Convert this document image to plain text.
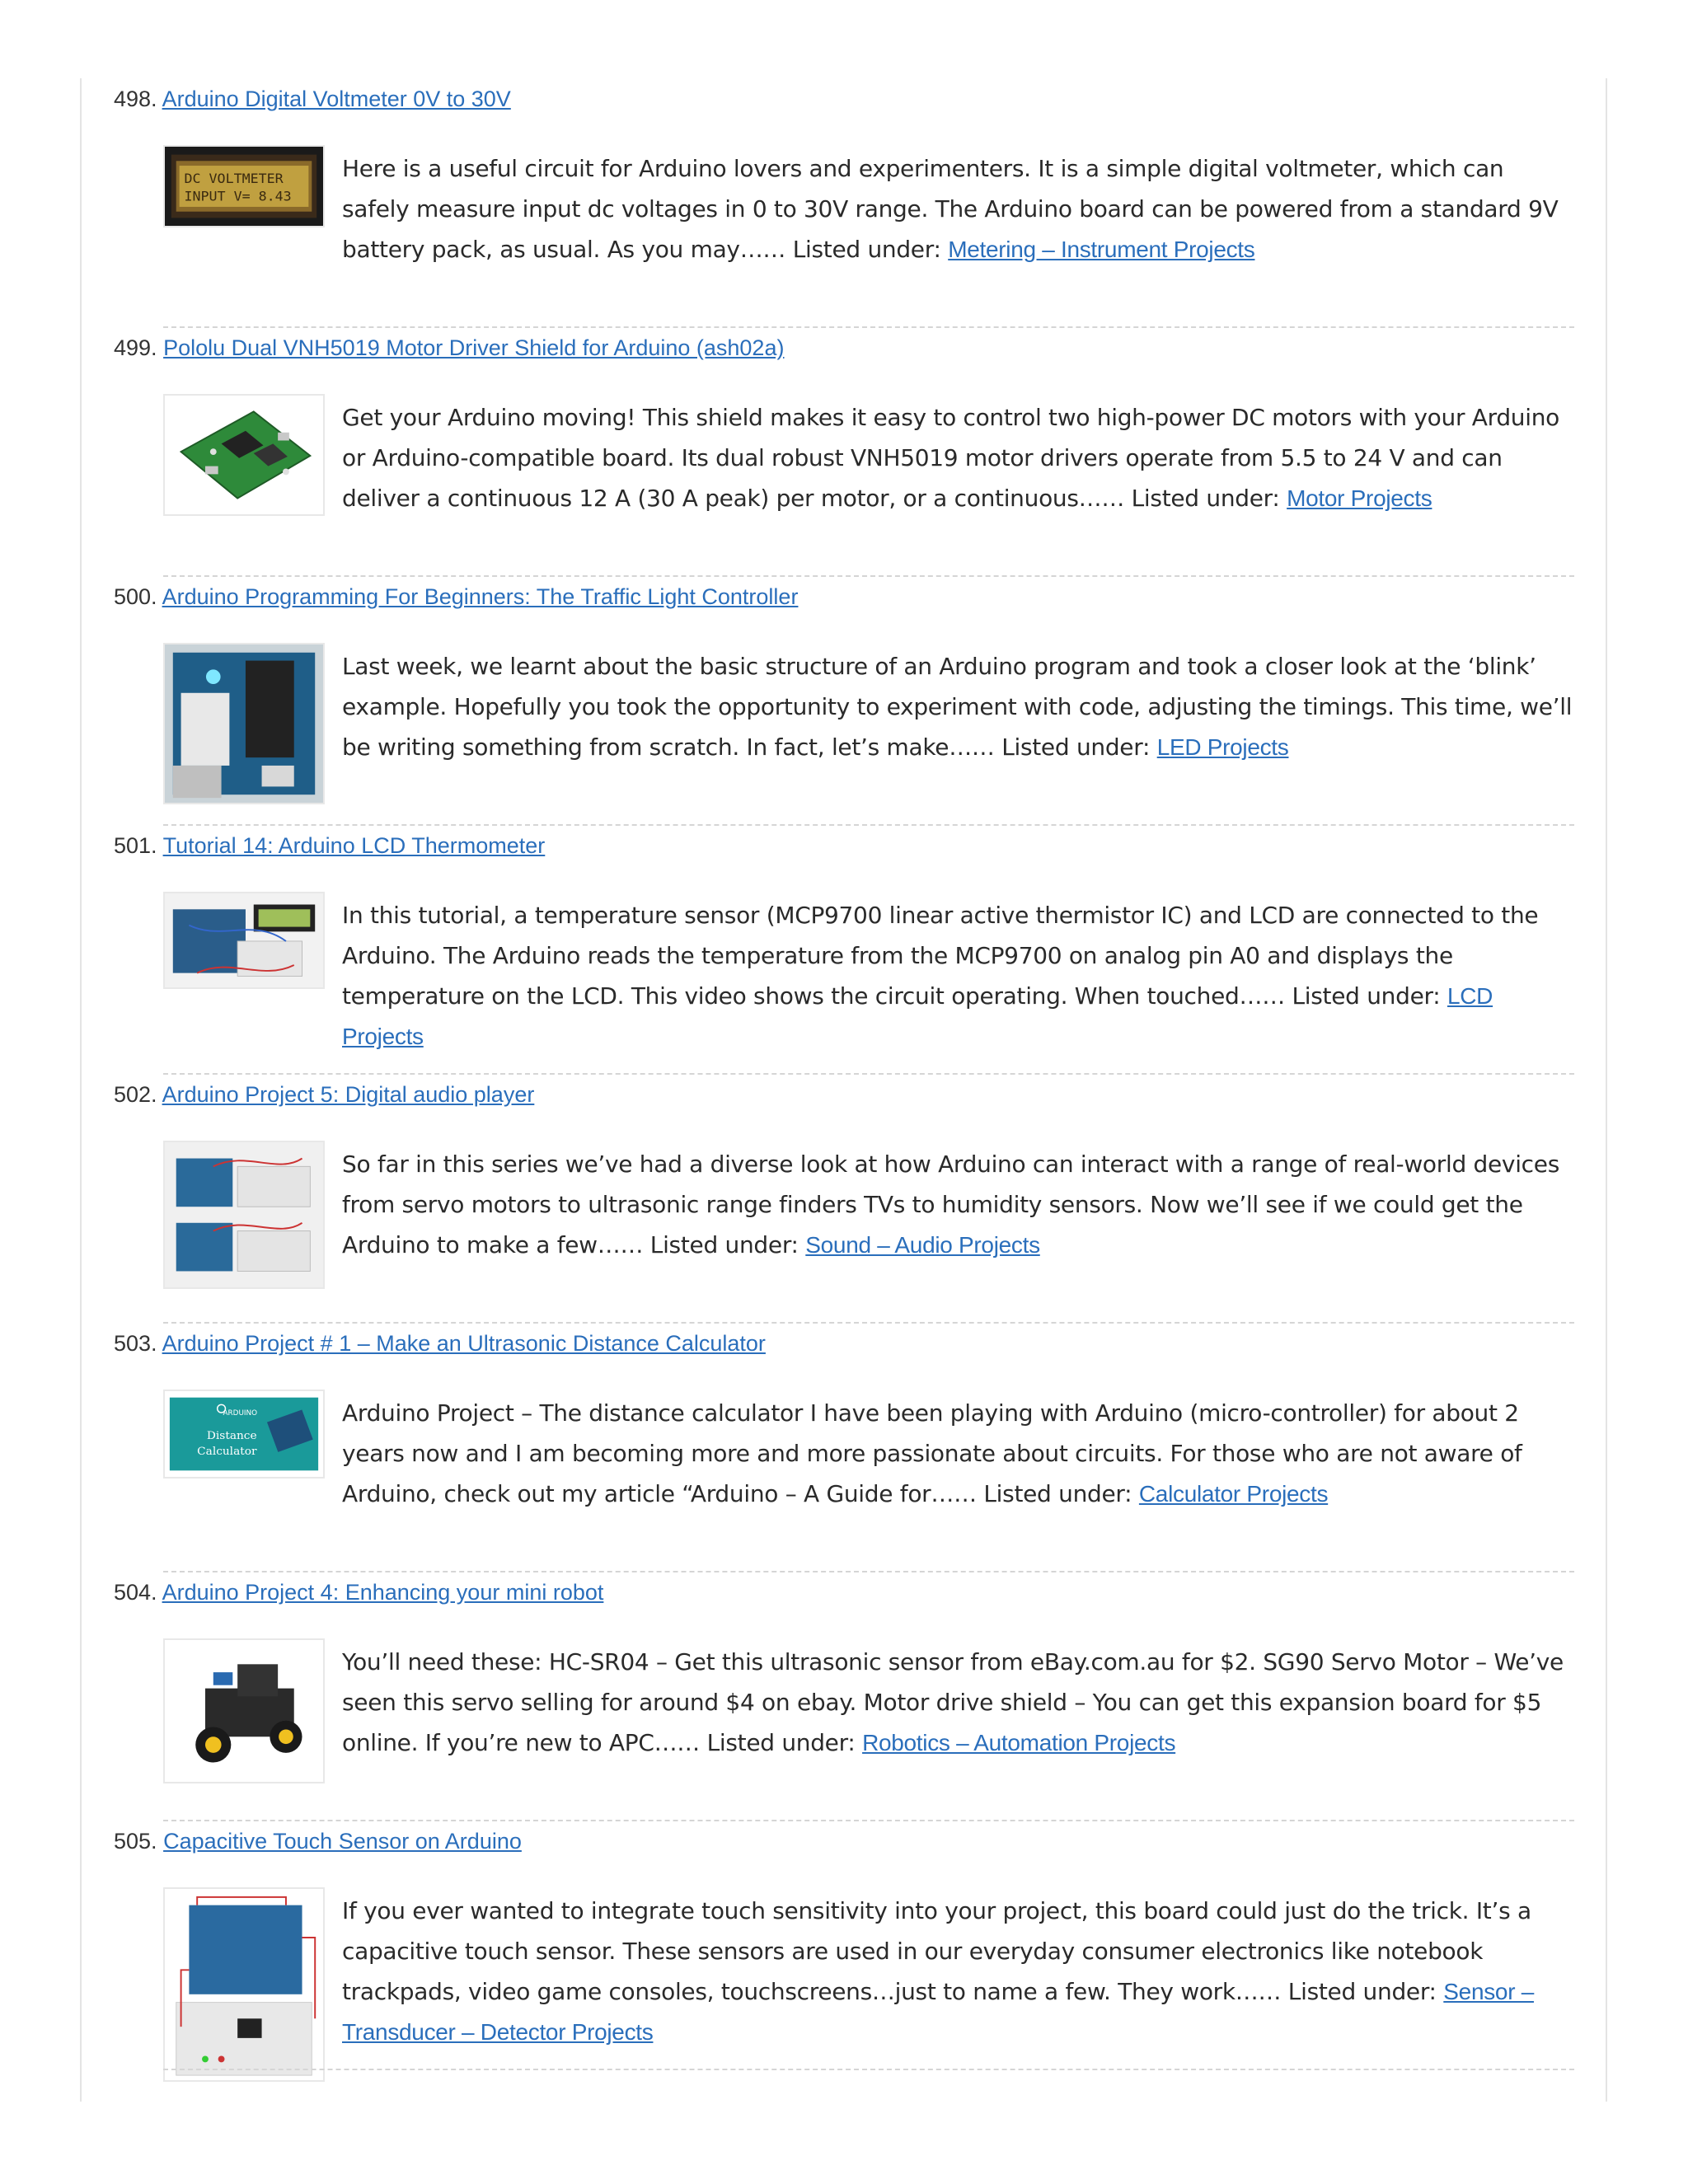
498. Arduino Digital Voltmeter 0V to 30V
DC VOLTMETER
INPUT V= 8.43
Here is a useful circuit for Arduino lovers and experimenters. It is a simple digital voltmeter, which can safely measure input dc voltages in 0 to 30V range. The Arduino board can be powered from a standard 9V battery pack, as usual. As you may…… Listed under: Metering – Instrument Projects
499. Pololu Dual VNH5019 Motor Driver Shield for Arduino (ash02a)
Get your Arduino moving! This shield makes it easy to control two high-power DC motors with your Arduino or Arduino-compatible board. Its dual robust VNH5019 motor drivers operate from 5.5 to 24 V and can deliver a continuous 12 A (30 A peak) per motor, or a continuous…… Listed under: Motor Projects
500. Arduino Programming For Beginners: The Traffic Light Controller
Last week, we learnt about the basic structure of an Arduino program and took a closer look at the ‘blink’ example. Hopefully you took the opportunity to experiment with code, adjusting the timings. This time, we’ll be writing something from scratch. In fact, let’s make…… Listed under: LED Projects
501. Tutorial 14: Arduino LCD Thermometer
In this tutorial, a temperature sensor (MCP9700 linear active thermistor IC) and LCD are connected to the Arduino. The Arduino reads the temperature from the MCP9700 on analog pin A0 and displays the temperature on the LCD. This video shows the circuit operating. When touched…… Listed under: LCD Projects
502. Arduino Project 5: Digital audio player
So far in this series we’ve had a diverse look at how Arduino can interact with a range of real-world devices from servo motors to ultrasonic range finders TVs to humidity sensors. Now we’ll see if we could get the Arduino to make a few…… Listed under: Sound – Audio Projects
503. Arduino Project # 1 – Make an Ultrasonic Distance Calculator
ARDUINO
Distance
Calculator
Arduino Project – The distance calculator I have been playing with Arduino (micro-controller) for about 2 years now and I am becoming more and more passionate about circuits. For those who are not aware of Arduino, check out my article “Arduino – A Guide for…… Listed under: Calculator Projects
504. Arduino Project 4: Enhancing your mini robot
You’ll need these: HC-SR04 – Get this ultrasonic sensor from eBay.com.au for $2. SG90 Servo Motor – We’ve seen this servo selling for around $4 on ebay. Motor drive shield – You can get this expansion board for $5 online. If you’re new to APC…… Listed under: Robotics – Automation Projects
505. Capacitive Touch Sensor on Arduino
If you ever wanted to integrate touch sensitivity into your project, this board could just do the trick. It’s a capacitive touch sensor. These sensors are used in our everyday consumer electronics like notebook trackpads, video game consoles, touchscreens…just to name a few. They work…… Listed under: Sensor – Transducer – Detector Projects
